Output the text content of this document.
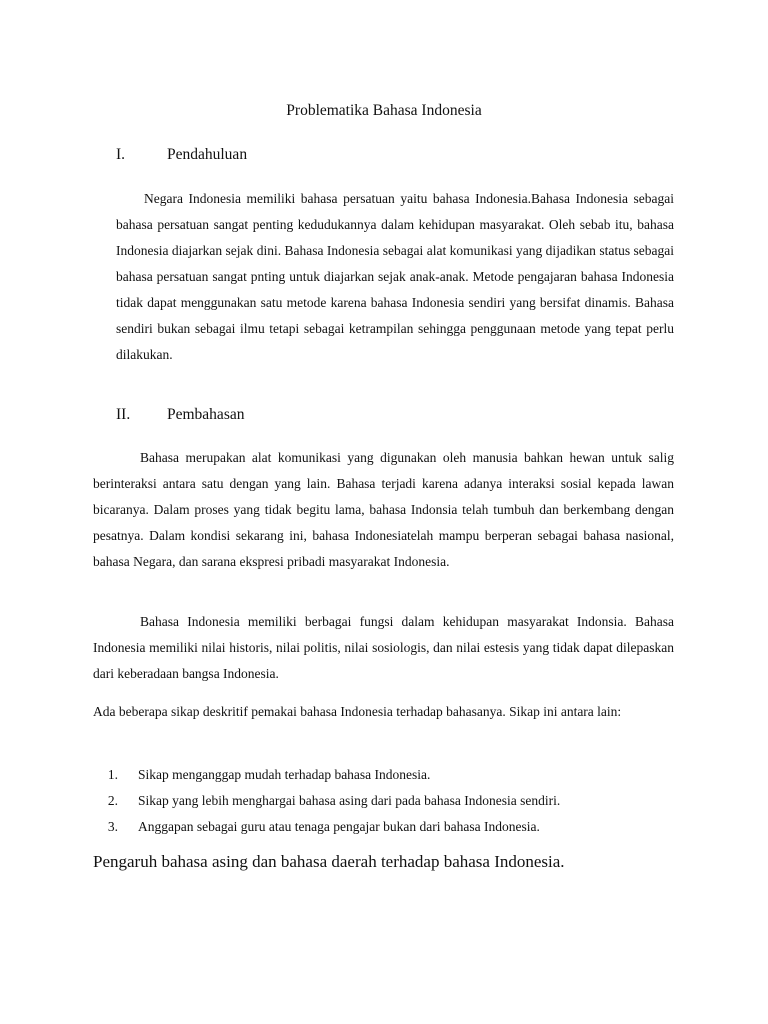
Problematika Bahasa Indonesia
I.	Pendahuluan

Negara Indonesia memiliki bahasa persatuan yaitu bahasa Indonesia.Bahasa Indonesia sebagai bahasa persatuan sangat penting kedudukannya dalam kehidupan masyarakat. Oleh sebab itu, bahasa Indonesia diajarkan sejak dini. Bahasa Indonesia sebagai alat komunikasi yang dijadikan status sebagai bahasa persatuan sangat pnting untuk diajarkan sejak anak-anak. Metode pengajaran bahasa Indonesia tidak dapat menggunakan satu metode karena bahasa Indonesia sendiri yang bersifat dinamis. Bahasa sendiri bukan sebagai ilmu tetapi sebagai ketrampilan sehingga penggunaan metode yang tepat perlu dilakukan.

II. Pembahasan

Bahasa merupakan alat komunikasi yang digunakan oleh manusia bahkan hewan untuk salig berinteraksi antara satu dengan yang lain. Bahasa terjadi karena adanya interaksi sosial kepada lawan bicaranya. Dalam proses yang tidak begitu lama, bahasa Indonsia telah tumbuh dan berkembang dengan pesatnya. Dalam kondisi sekarang ini, bahasa Indonesiatelah mampu berperan sebagai bahasa nasional, bahasa Negara, dan sarana ekspresi pribadi masyarakat Indonesia.

Bahasa Indonesia memiliki berbagai fungsi dalam kehidupan masyarakat Indonsia. Bahasa Indonesia memiliki nilai historis, nilai politis, nilai sosiologis, dan nilai estesis yang tidak dapat dilepaskan dari keberadaan bangsa Indonesia.

Ada beberapa sikap deskritif pemakai bahasa Indonesia terhadap bahasanya. Sikap ini antara lain:

1. Sikap menganggap mudah terhadap bahasa Indonesia.
2. Sikap yang lebih menghargai bahasa asing dari pada bahasa Indonesia sendiri.
3. Anggapan sebagai guru atau tenaga pengajar bukan dari bahasa Indonesia.
Pengaruh bahasa asing dan bahasa daerah terhadap bahasa Indonesia.
